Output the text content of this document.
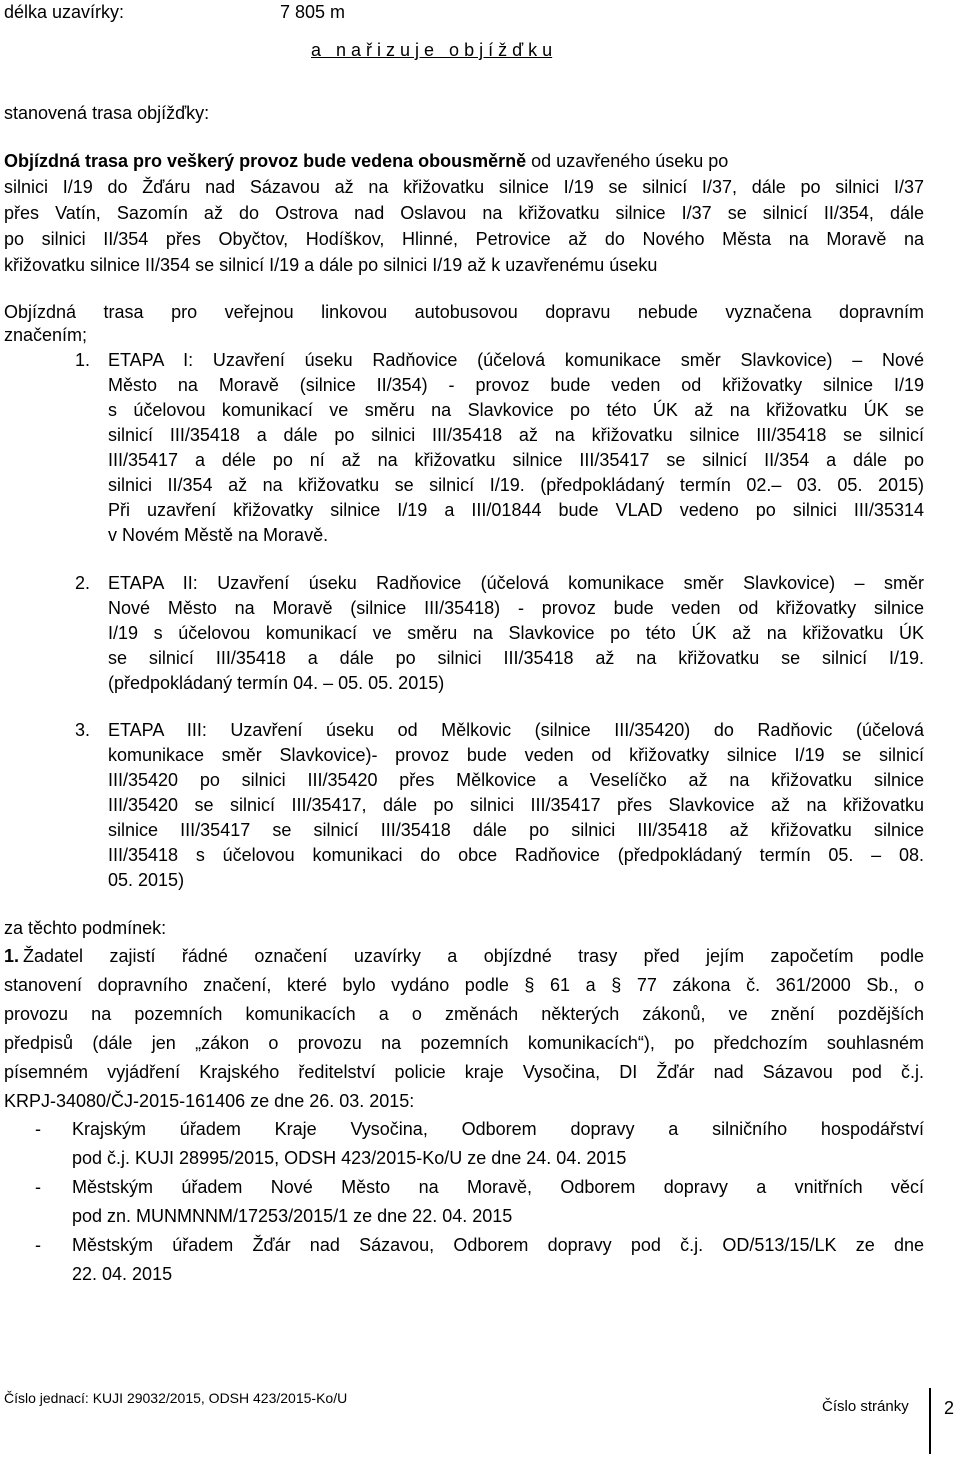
délka uzavírky:	7 805 m
a   n a ř i z u j e   o b j í ž ď k u
stanovená trasa objížďky:
Objízdná trasa pro veškerý provoz bude vedena obousměrně od uzavřeného úseku po
silnici I/19 do Žďáru nad Sázavou až na křižovatku silnice I/19 se silnicí I/37, dále po silnici I/37
přes Vatín, Sazomín až do Ostrova nad Oslavou na křižovatku silnice I/37 se silnicí II/354, dále
po silnici II/354 přes Obyčtov, Hodíškov, Hlinné, Petrovice až do Nového Města na Moravě na
křižovatku silnice II/354 se silnicí I/19 a dále po silnici I/19 až k uzavřenému úseku
Objízdná trasa pro veřejnou linkovou autobusovou dopravu nebude vyznačena dopravním
značením;
1. ETAPA I: Uzavření úseku Radňovice (účelová komunikace směr Slavkovice) – Nové
Město na Moravě (silnice II/354) - provoz bude veden od křižovatky silnice I/19
s účelovou komunikací ve směru na Slavkovice po této ÚK až na křižovatku ÚK se
silnicí III/35418 a dále po silnici III/35418 až na křižovatku silnice III/35418 se silnicí
III/35417 a déle po ní až na křižovatku silnice III/35417 se silnicí II/354 a dále po
silnici II/354 až na křižovatku se silnicí I/19. (předpokládaný termín 02.– 03. 05. 2015)
Při uzavření křižovatky silnice I/19 a III/01844 bude VLAD vedeno po silnici III/35314
v Novém Městě na Moravě.
2. ETAPA II: Uzavření úseku Radňovice (účelová komunikace směr Slavkovice) – směr
Nové Město na Moravě (silnice III/35418) - provoz bude veden od křižovatky silnice
I/19 s účelovou komunikací ve směru na Slavkovice po této ÚK až na křižovatku ÚK
se silnicí III/35418 a dále po silnici III/35418 až na křižovatku se silnicí I/19.
(předpokládaný termín 04. – 05. 05. 2015)
3. ETAPA III: Uzavření úseku od Mělkovic (silnice III/35420) do Radňovic (účelová
komunikace směr Slavkovice)- provoz bude veden od křižovatky silnice I/19 se silnicí
III/35420 po silnici III/35420 přes Mělkovice a Veselíčko až na křižovatku silnice
III/35420 se silnicí III/35417, dále po silnici III/35417 přes Slavkovice až na křižovatku
silnice III/35417 se silnicí III/35418 dále po silnici III/35418 až křižovatku silnice
III/35418 s účelovou komunikaci do obce Radňovice (předpokládaný termín 05. – 08.
05. 2015)
za těchto podmínek:
1. Žadatel zajistí řádné označení uzavírky a objízdné trasy před jejím započetím podle
stanovení dopravního značení, které bylo vydáno podle § 61 a § 77 zákona č. 361/2000 Sb., o
provozu na pozemních komunikacích a o změnách některých zákonů, ve znění pozdějších
předpisů (dále jen „zákon o provozu na pozemních komunikacích“), po předchozím souhlasném
písemném vyjádření Krajského ředitelství policie kraje Vysočina, DI Žďár nad Sázavou pod č.j.
KRPJ-34080/ČJ-2015-161406 ze dne 26. 03. 2015:
- Krajským úřadem Kraje Vysočina, Odborem dopravy a silničního hospodářství
pod č.j. KUJI 28995/2015, ODSH 423/2015-Ko/U ze dne 24. 04. 2015
- Městským úřadem Nové Město na Moravě, Odborem dopravy a vnitřních věcí
pod zn. MUNMNNM/17253/2015/1 ze dne 22. 04. 2015
- Městským úřadem Žďár nad Sázavou, Odborem dopravy pod č.j. OD/513/15/LK ze dne
22. 04. 2015
Číslo jednací: KUJI 29032/2015, ODSH 423/2015-Ko/U	Číslo stránky 2
